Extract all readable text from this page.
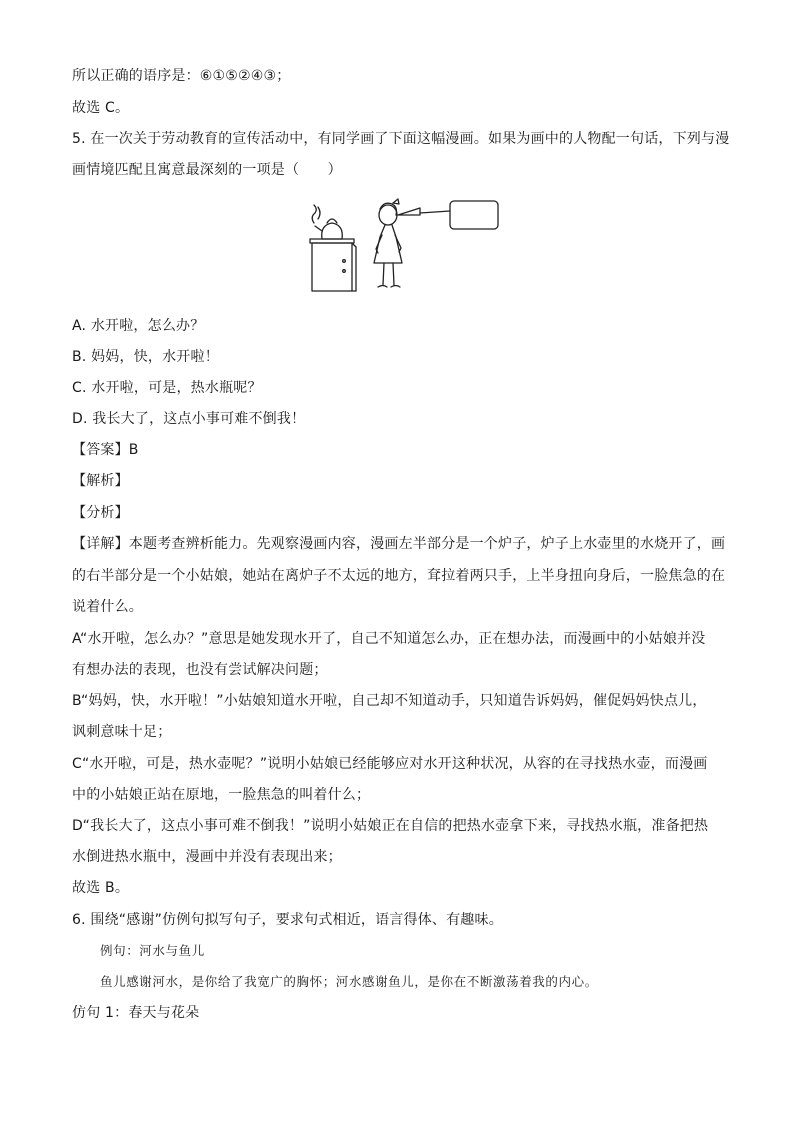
所以正确的语序是：⑥①⑤②④③；
故选 C。
5. 在一次关于劳动教育的宣传活动中，有同学画了下面这幅漫画。如果为画中的人物配一句话，下列与漫
画情境匹配且寓意最深刻的一项是（　　）
A. 水开啦，怎么办？
B. 妈妈，快，水开啦！
C. 水开啦，可是，热水瓶呢？
D. 我长大了，这点小事可难不倒我！
【答案】B
【解析】
【分析】
【详解】本题考查辨析能力。先观察漫画内容，漫画左半部分是一个炉子，炉子上水壶里的水烧开了，画
的右半部分是一个小姑娘，她站在离炉子不太远的地方，耷拉着两只手，上半身扭向身后，一脸焦急的在
说着什么。
A“水开啦，怎么办？”意思是她发现水开了，自己不知道怎么办，正在想办法，而漫画中的小姑娘并没
有想办法的表现，也没有尝试解决问题；
B“妈妈，快，水开啦！”小姑娘知道水开啦，自己却不知道动手，只知道告诉妈妈，催促妈妈快点儿，
讽刺意味十足；
C“水开啦，可是，热水壶呢？”说明小姑娘已经能够应对水开这种状况，从容的在寻找热水壶，而漫画
中的小姑娘正站在原地，一脸焦急的叫着什么；
D“我长大了，这点小事可难不倒我！”说明小姑娘正在自信的把热水壶拿下来，寻找热水瓶，准备把热
水倒进热水瓶中，漫画中并没有表现出来；
故选 B。
6. 围绕“感谢”仿例句拟写句子，要求句式相近，语言得体、有趣味。
例句：河水与鱼儿
鱼儿感谢河水，是你给了我宽广的胸怀；河水感谢鱼儿，是你在不断激荡着我的内心。
仿句 1：春天与花朵
